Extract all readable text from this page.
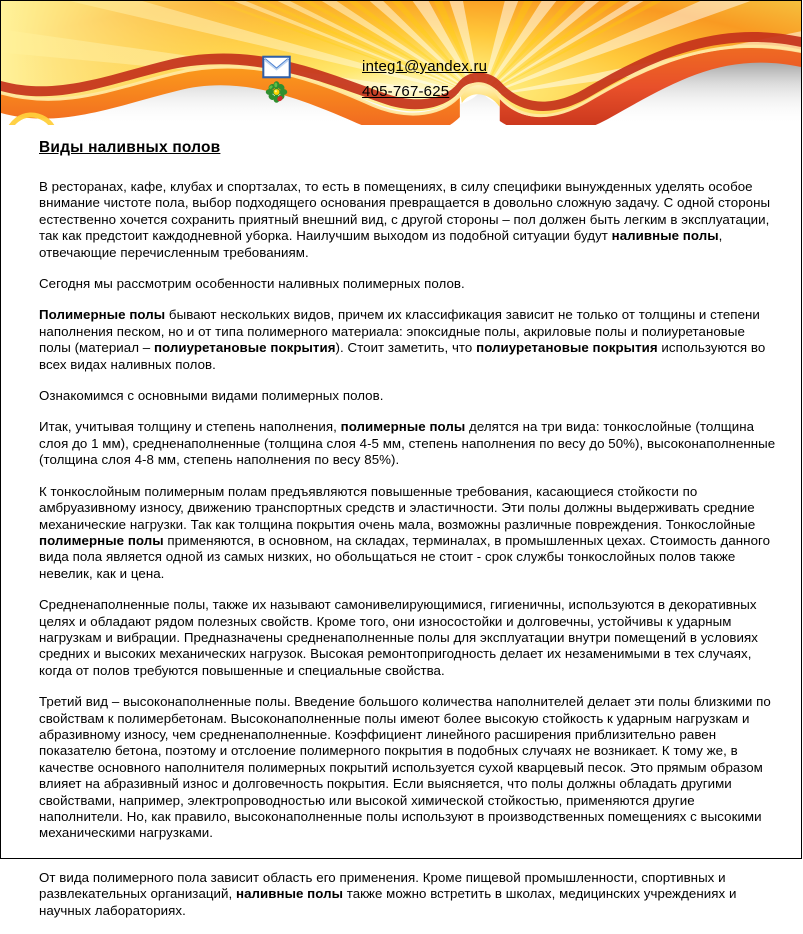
integ1@yandex.ru
405-767-625
Виды наливных полов

В ресторанах, кафе, клубах и спортзалах, то есть в помещениях, в силу специфики вынужденных уделять особое внимание чистоте пола, выбор подходящего основания превращается в довольно сложную задачу. С одной стороны естественно хочется сохранить приятный внешний вид, с другой стороны – пол должен быть легким в эксплуатации, так как предстоит каждодневной уборка. Наилучшим выходом из подобной ситуации будут наливные полы, отвечающие перечисленным требованиям.

Сегодня мы рассмотрим особенности наливных полимерных полов.

Полимерные полы бывают нескольких видов, причем их классификация зависит не только от толщины и степени наполнения песком, но и от типа полимерного материала: эпоксидные полы, акриловые полы и полиуретановые полы (материал – полиуретановые покрытия). Стоит заметить, что полиуретановые покрытия используются во всех видах наливных полов.

Ознакомимся с основными видами полимерных полов.

Итак, учитывая толщину и степень наполнения, полимерные полы делятся на три вида: тонкослойные (толщина слоя до 1 мм), средненаполненные (толщина слоя 4-5 мм, степень наполнения по весу до 50%), высоконаполненные (толщина слоя 4-8 мм, степень наполнения по весу 85%).

К тонкослойным полимерным полам предъявляются повышенные требования, касающиеся стойкости по амбруазивному износу, движению транспортных средств и эластичности. Эти полы должны выдерживать средние механические нагрузки. Так как толщина покрытия очень мала, возможны различные повреждения. Тонкослойные полимерные полы применяются, в основном, на складах, терминалах, в промышленных цехах. Стоимость данного вида пола является одной из самых низких, но обольщаться не стоит - срок службы тонкослойных полов также невелик, как и цена.

Средненаполненные полы, также их называют самонивелирующимися, гигиеничны, используются в декоративных целях и обладают рядом полезных свойств. Кроме того, они износостойки и долговечны, устойчивы к ударным нагрузкам и вибрации. Предназначены средненаполненные полы для эксплуатации внутри помещений в условиях средних и высоких механических нагрузок. Высокая ремонтопригодность делает их незаменимыми в тех случаях, когда от полов требуются повышенные и специальные свойства.

Третий вид – высоконаполненные полы. Введение большого количества наполнителей делает эти полы близкими по свойствам к полимербетонам. Высоконаполненные полы имеют более высокую стойкость к ударным нагрузкам и абразивному износу, чем средненаполненные. Коэффициент линейного расширения приблизительно равен показателю бетона, поэтому и отслоение полимерного покрытия в подобных случаях не возникает. К тому же, в качестве основного наполнителя полимерных покрытий используется сухой кварцевый песок. Это прямым образом влияет на абразивный износ и долговечность покрытия. Если выясняется, что полы должны обладать другими свойствами, например, электропроводностью или высокой химической стойкостью, применяются другие наполнители. Но, как правило, высоконаполненные полы используют в производственных помещениях с высокими механическими нагрузками.

От вида полимерного пола зависит область его применения. Кроме пищевой промышленности, спортивных и развлекательных организаций, наливные полы также можно встретить в школах, медицинских учреждениях и научных лабораториях.
